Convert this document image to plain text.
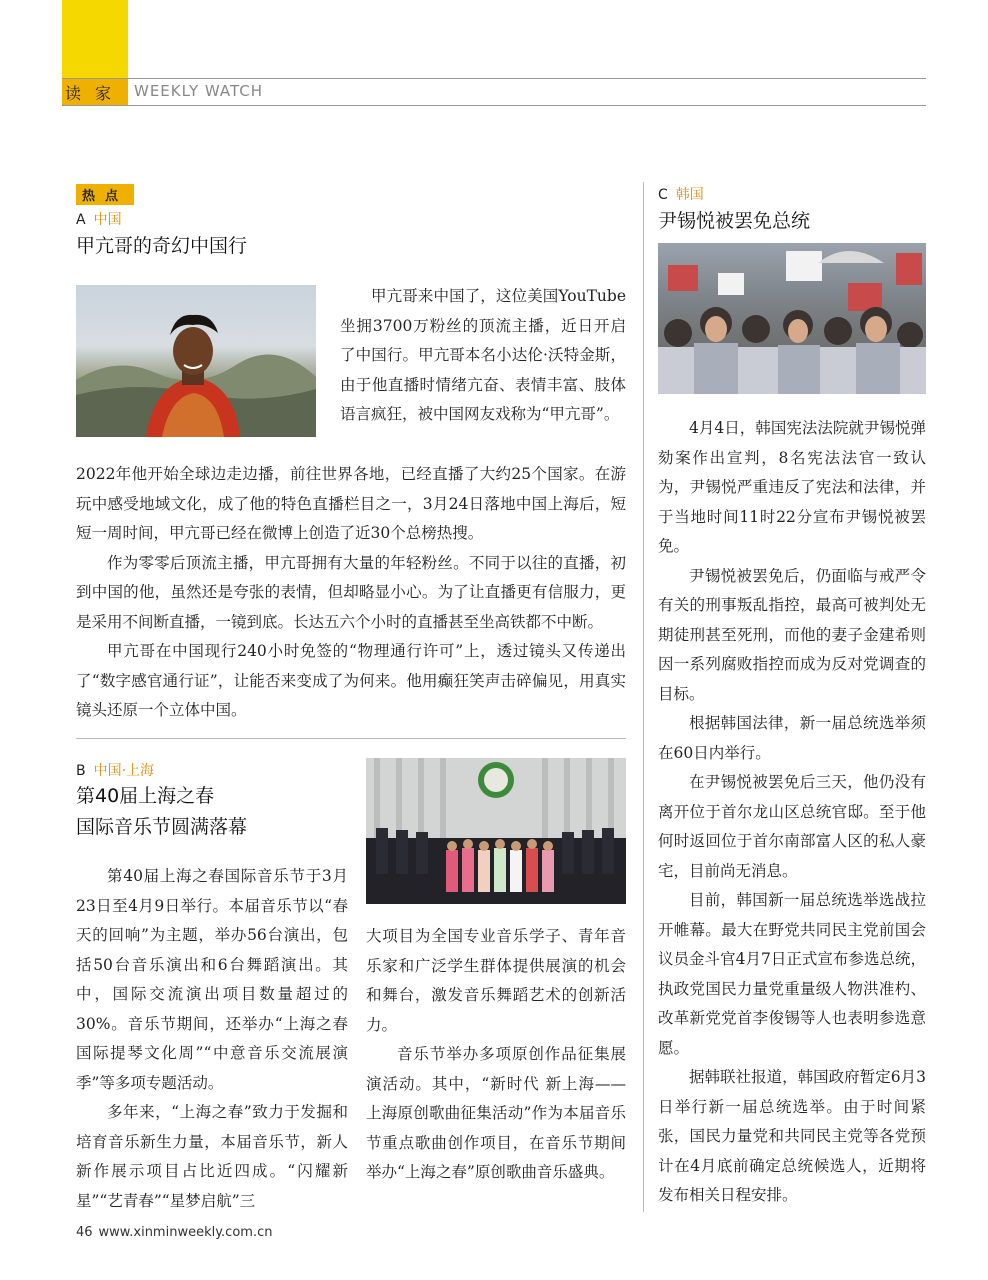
读家 WEEKLY WATCH
热点
A 中国
甲亢哥的奇幻中国行

甲亢哥来中国了，这位美国YouTube坐拥3700万粉丝的顶流主播，近日开启了中国行。甲亢哥本名小达伦·沃特金斯，由于他直播时情绪亢奋、表情丰富、肢体语言疯狂，被中国网友戏称为“甲亢哥”。

2022年他开始全球边走边播，前往世界各地，已经直播了大约25个国家。在游玩中感受地域文化，成了他的特色直播栏目之一，3月24日落地中国上海后，短短一周时间，甲亢哥已经在微博上创造了近30个总榜热搜。

作为零零后顶流主播，甲亢哥拥有大量的年轻粉丝。不同于以往的直播，初到中国的他，虽然还是夸张的表情，但却略显小心。为了让直播更有信服力，更是采用不间断直播，一镜到底。长达五六个小时的直播甚至坐高铁都不中断。

甲亢哥在中国现行240小时免签的“物理通行许可”上，透过镜头又传递出了“数字感官通行证”，让能否来变成了为何来。他用癫狂笑声击碎偏见，用真实镜头还原一个立体中国。

B 中国·上海
第40届上海之春
国际音乐节圆满落幕

第40届上海之春国际音乐节于3月23日至4月9日举行。本届音乐节以“春天的回响”为主题，举办56台演出，包括50台音乐演出和6台舞蹈演出。其中，国际交流演出项目数量超过的30%。音乐节期间，还举办“上海之春国际提琴文化周”“中意音乐交流展演季”等多项专题活动。

多年来，“上海之春”致力于发掘和培育音乐新生力量，本届音乐节，新人新作展示项目占比近四成。“闪耀新星”“艺青春”“星梦启航”三

大项目为全国专业音乐学子、青年音乐家和广泛学生群体提供展演的机会和舞台，激发音乐舞蹈艺术的创新活力。

音乐节举办多项原创作品征集展演活动。其中，“新时代 新上海——上海原创歌曲征集活动”作为本届音乐节重点歌曲创作项目，在音乐节期间举办“上海之春”原创歌曲音乐盛典。

C 韩国
尹锡悦被罢免总统

4月4日，韩国宪法法院就尹锡悦弹劾案作出宣判，8名宪法法官一致认为，尹锡悦严重违反了宪法和法律，并于当地时间11时22分宣布尹锡悦被罢免。

尹锡悦被罢免后，仍面临与戒严令有关的刑事叛乱指控，最高可被判处无期徒刑甚至死刑，而他的妻子金建希则因一系列腐败指控而成为反对党调查的目标。

根据韩国法律，新一届总统选举须在60日内举行。

在尹锡悦被罢免后三天，他仍没有离开位于首尔龙山区总统官邸。至于他何时返回位于首尔南部富人区的私人豪宅，目前尚无消息。

目前，韩国新一届总统选举选战拉开帷幕。最大在野党共同民主党前国会议员金斗官4月7日正式宣布参选总统，执政党国民力量党重量级人物洪准杓、改革新党党首李俊锡等人也表明参选意愿。

据韩联社报道，韩国政府暂定6月3日举行新一届总统选举。由于时间紧张，国民力量党和共同民主党等各党预计在4月底前确定总统候选人，近期将发布相关日程安排。

46 www.xinminweekly.com.cn
